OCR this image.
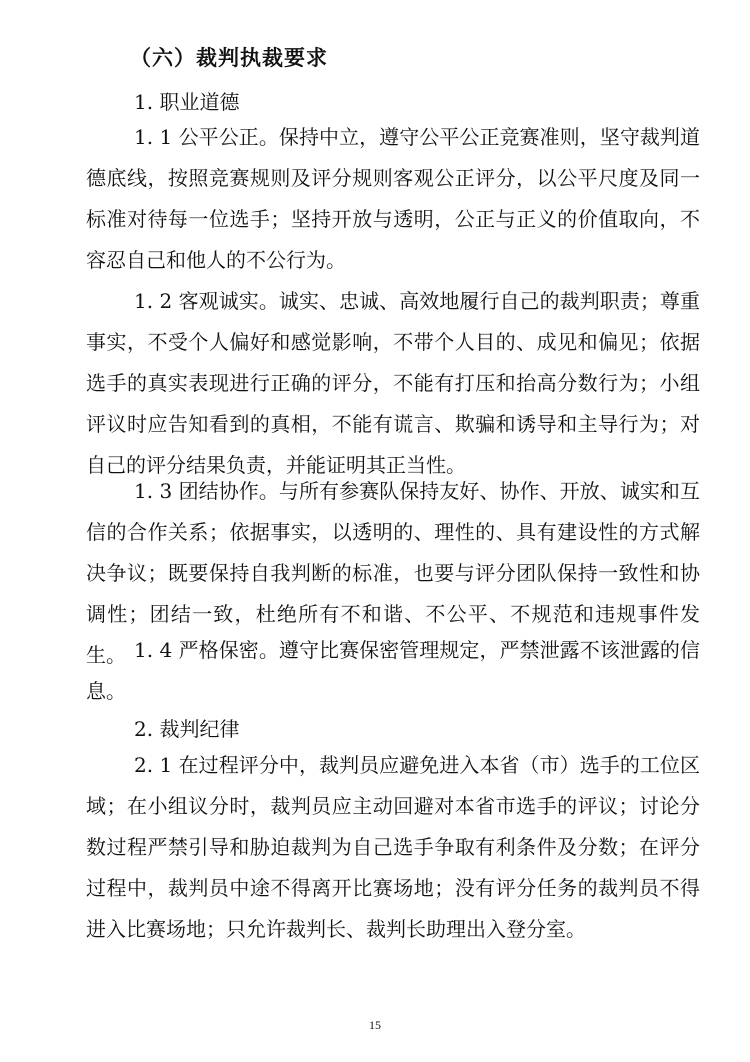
（六）裁判执裁要求
1. 职业道德
1. 1 公平公正。保持中立，遵守公平公正竞赛准则，坚守裁判道德底线，按照竞赛规则及评分规则客观公正评分，以公平尺度及同一标准对待每一位选手；坚持开放与透明，公正与正义的价值取向，不容忍自己和他人的不公行为。
1. 2 客观诚实。诚实、忠诚、高效地履行自己的裁判职责；尊重事实，不受个人偏好和感觉影响，不带个人目的、成见和偏见；依据选手的真实表现进行正确的评分，不能有打压和抬高分数行为；小组评议时应告知看到的真相，不能有谎言、欺骗和诱导和主导行为；对自己的评分结果负责，并能证明其正当性。
1. 3 团结协作。与所有参赛队保持友好、协作、开放、诚实和互信的合作关系；依据事实，以透明的、理性的、具有建设性的方式解决争议；既要保持自我判断的标准，也要与评分团队保持一致性和协调性；团结一致，杜绝所有不和谐、不公平、不规范和违规事件发生。 1. 4 严格保密。遵守比赛保密管理规定，严禁泄露不该泄露的信息。
2. 裁判纪律
2. 1 在过程评分中，裁判员应避免进入本省（市）选手的工位区域；在小组议分时，裁判员应主动回避对本省市选手的评议；讨论分数过程严禁引导和胁迫裁判为自己选手争取有利条件及分数；在评分过程中，裁判员中途不得离开比赛场地；没有评分任务的裁判员不得进入比赛场地；只允许裁判长、裁判长助理出入登分室。
15
